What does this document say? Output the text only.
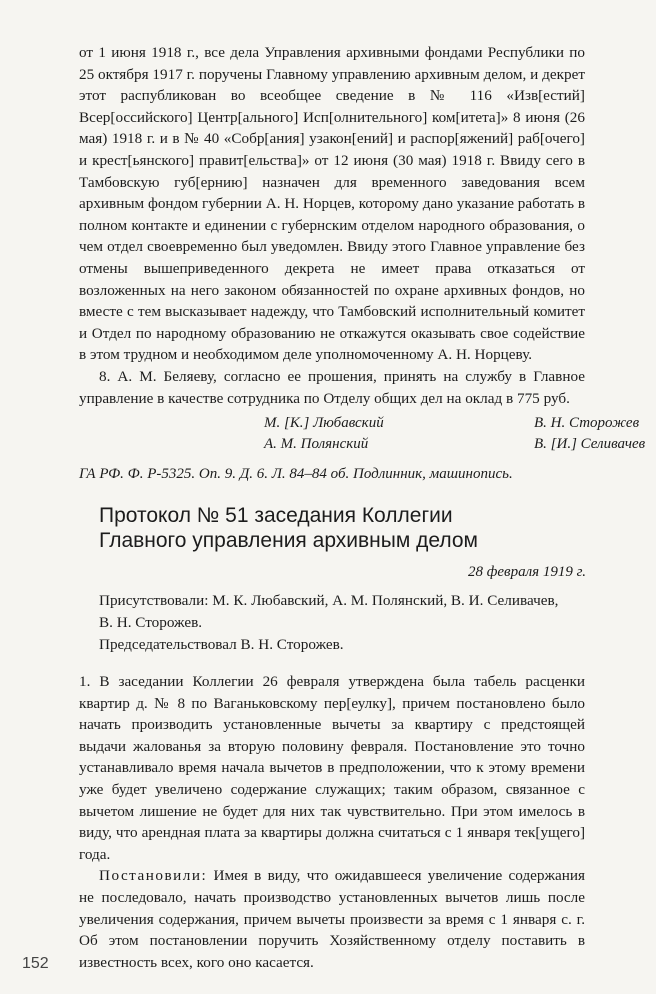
от 1 июня 1918 г., все дела Управления архивными фондами Республики по 25 октября 1917 г. поручены Главному управлению архивным делом, и декрет этот распубликован во всеобщее сведение в № 116 «Изв[естий] Всер[оссийского] Центр[ального] Исп[олнительного] ком[итета]» 8 июня (26 мая) 1918 г. и в № 40 «Собр[ания] узакон[ений] и распор[яжений] раб[очего] и крест[ьянского] правит[ельства]» от 12 июня (30 мая) 1918 г. Ввиду сего в Тамбовскую губ[ернию] назначен для временного заведования всем архивным фондом губернии А. Н. Норцев, которому дано указание работать в полном контакте и единении с губернским отделом народного образования, о чем отдел своевременно был уведомлен. Ввиду этого Главное управление без отмены вышеприведенного декрета не имеет права отказаться от возложенных на него законом обязанностей по охране архивных фондов, но вместе с тем высказывает надежду, что Тамбовский исполнительный комитет и Отдел по народному образованию не откажутся оказывать свое содействие в этом трудном и необходимом деле уполномоченному А. Н. Норцеву.

8. А. М. Беляеву, согласно ее прошения, принять на службу в Главное управление в качестве сотрудника по Отделу общих дел на оклад в 775 руб.

М. [К.] Любавский	В. Н. Сторожев
А. М. Полянский	В. [И.] Селивачев
ГА РФ. Ф. Р-5325. Оп. 9. Д. 6. Л. 84–84 об. Подлинник, машинопись.
Протокол № 51 заседания Коллегии
Главного управления архивным делом
28 февраля 1919 г.
Присутствовали: М. К. Любавский, А. М. Полянский, В. И. Селивачев,
В. Н. Сторожев.
Председательствовал В. Н. Сторожев.

1. В заседании Коллегии 26 февраля утверждена была табель расценки квартир д. № 8 по Ваганьковскому пер[еулку], причем постановлено было начать производить установленные вычеты за квартиру с предстоящей выдачи жалованья за вторую половину февраля. Постановление это точно устанавливало время начала вычетов в предположении, что к этому времени уже будет увеличено содержание служащих; таким образом, связанное с вычетом лишение не будет для них так чувствительно. При этом имелось в виду, что арендная плата за квартиры должна считаться с 1 января тек[ущего] года.

Постановили: Имея в виду, что ожидавшееся увеличение содержания не последовало, начать производство установленных вычетов лишь после увеличения содержания, причем вычеты произвести за время с 1 января с. г. Об этом постановлении поручить Хозяйственному отделу поставить в известность всех, кого оно касается.

152
